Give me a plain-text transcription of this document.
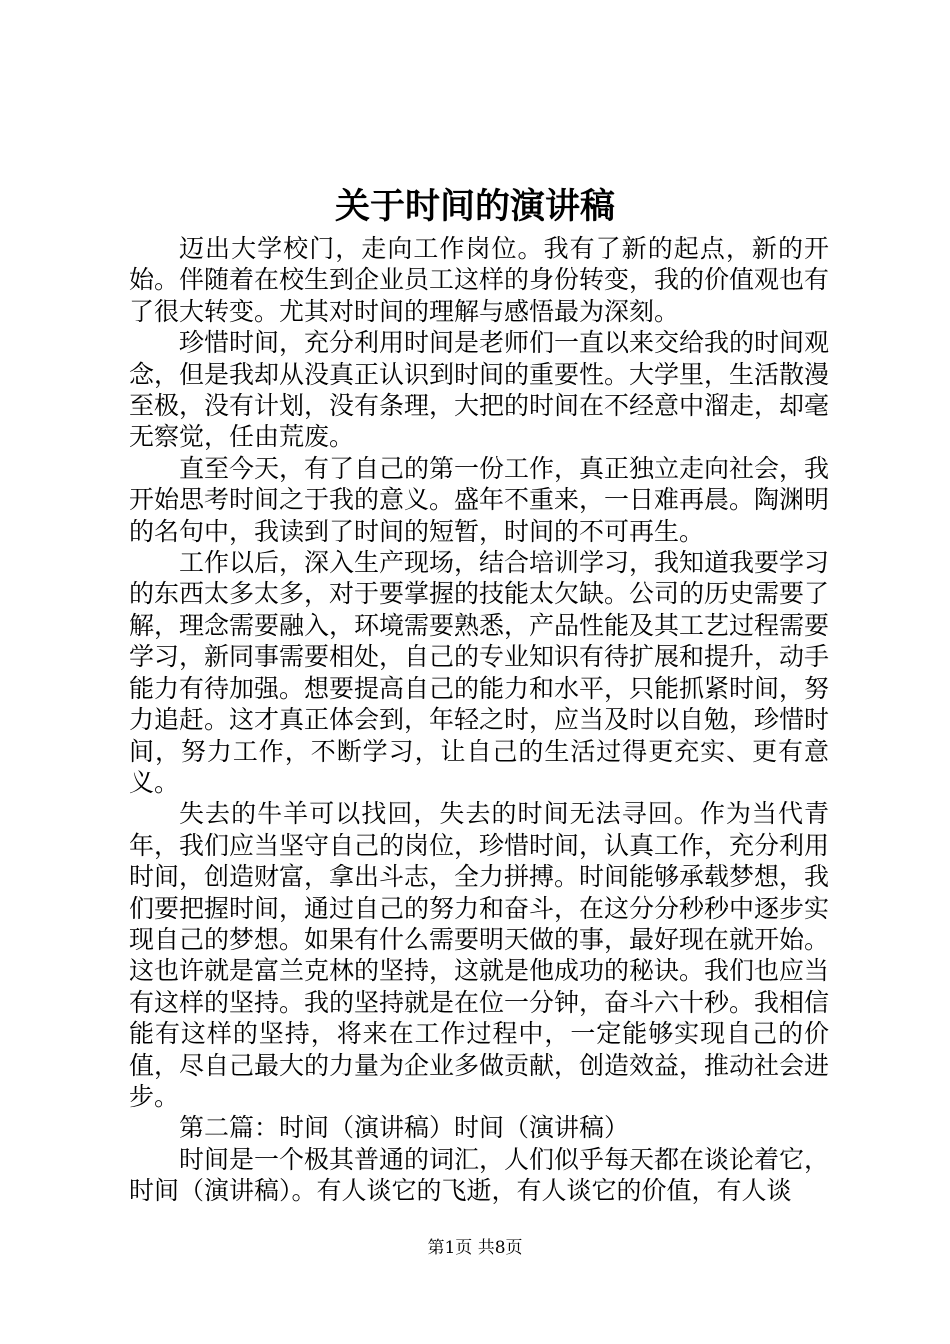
关于时间的演讲稿

迈出大学校门，走向工作岗位。我有了新的起点，新的开始。伴随着在校生到企业员工这样的身份转变，我的价值观也有了很大转变。尤其对时间的理解与感悟最为深刻。

珍惜时间，充分利用时间是老师们一直以来交给我的时间观念，但是我却从没真正认识到时间的重要性。大学里，生活散漫至极，没有计划，没有条理，大把的时间在不经意中溜走，却毫无察觉，任由荒废。

直至今天，有了自己的第一份工作，真正独立走向社会，我开始思考时间之于我的意义。盛年不重来，一日难再晨。陶渊明的名句中，我读到了时间的短暂，时间的不可再生。

工作以后，深入生产现场，结合培训学习，我知道我要学习的东西太多太多，对于要掌握的技能太欠缺。公司的历史需要了解，理念需要融入，环境需要熟悉，产品性能及其工艺过程需要学习，新同事需要相处，自己的专业知识有待扩展和提升，动手能力有待加强。想要提高自己的能力和水平，只能抓紧时间，努力追赶。这才真正体会到，年轻之时，应当及时以自勉，珍惜时间，努力工作，不断学习，让自己的生活过得更充实、更有意义。

失去的牛羊可以找回，失去的时间无法寻回。作为当代青年，我们应当坚守自己的岗位，珍惜时间，认真工作，充分利用时间，创造财富，拿出斗志，全力拼搏。时间能够承载梦想，我们要把握时间，通过自己的努力和奋斗，在这分分秒秒中逐步实现自己的梦想。如果有什么需要明天做的事，最好现在就开始。这也许就是富兰克林的坚持，这就是他成功的秘诀。我们也应当有这样的坚持。我的坚持就是在位一分钟，奋斗六十秒。我相信能有这样的坚持，将来在工作过程中，一定能够实现自己的价值，尽自己最大的力量为企业多做贡献，创造效益，推动社会进步。

第二篇：时间（演讲稿）时间（演讲稿）

时间是一个极其普通的词汇，人们似乎每天都在谈论着它，时间（演讲稿）。有人谈它的飞逝，有人谈它的价值，有人谈

第1页 共8页
